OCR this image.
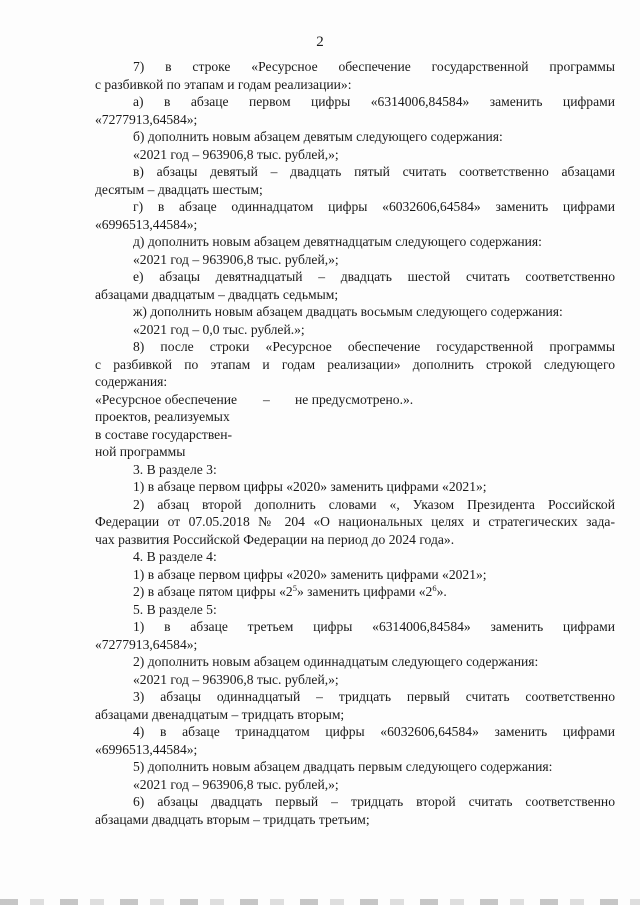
2
7) в строке «Ресурсное обеспечение государственной программы
с разбивкой по этапам и годам реализации»:
а) в абзаце первом цифры «6314006,84584» заменить цифрами
«7277913,64584»;
б) дополнить новым абзацем девятым следующего содержания:
«2021 год – 963906,8 тыс. рублей,»;
в) абзацы девятый – двадцать пятый считать соответственно абзацами
десятым – двадцать шестым;
г) в абзаце одиннадцатом цифры «6032606,64584» заменить цифрами
«6996513,44584»;
д) дополнить новым абзацем девятнадцатым следующего содержания:
«2021 год – 963906,8 тыс. рублей,»;
е) абзацы девятнадцатый – двадцать шестой считать соответственно
абзацами двадцатым – двадцать седьмым;
ж) дополнить новым абзацем двадцать восьмым следующего содержания:
«2021 год – 0,0 тыс. рублей.»;
8) после строки «Ресурсное обеспечение государственной программы
с разбивкой по этапам и годам реализации» дополнить строкой следующего
содержания:
«Ресурсное обеспечение – не предусмотрено.».
проектов, реализуемых
в составе государствен-
ной программы
3. В разделе 3:
1) в абзаце первом цифры «2020» заменить цифрами «2021»;
2) абзац второй дополнить словами «, Указом Президента Российской
Федерации от 07.05.2018 № 204 «О национальных целях и стратегических зада-
чах развития Российской Федерации на период до 2024 года».
4. В разделе 4:
1) в абзаце первом цифры «2020» заменить цифрами «2021»;
2) в абзаце пятом цифры «$2^5$» заменить цифрами «$2^6$».
5. В разделе 5:
1) в абзаце третьем цифры «6314006,84584» заменить цифрами
«7277913,64584»;
2) дополнить новым абзацем одиннадцатым следующего содержания:
«2021 год – 963906,8 тыс. рублей,»;
3) абзацы одиннадцатый – тридцать первый считать соответственно
абзацами двенадцатым – тридцать вторым;
4) в абзаце тринадцатом цифры «6032606,64584» заменить цифрами
«6996513,44584»;
5) дополнить новым абзацем двадцать первым следующего содержания:
«2021 год – 963906,8 тыс. рублей,»;
6) абзацы двадцать первый – тридцать второй считать соответственно
абзацами двадцать вторым – тридцать третьим;
